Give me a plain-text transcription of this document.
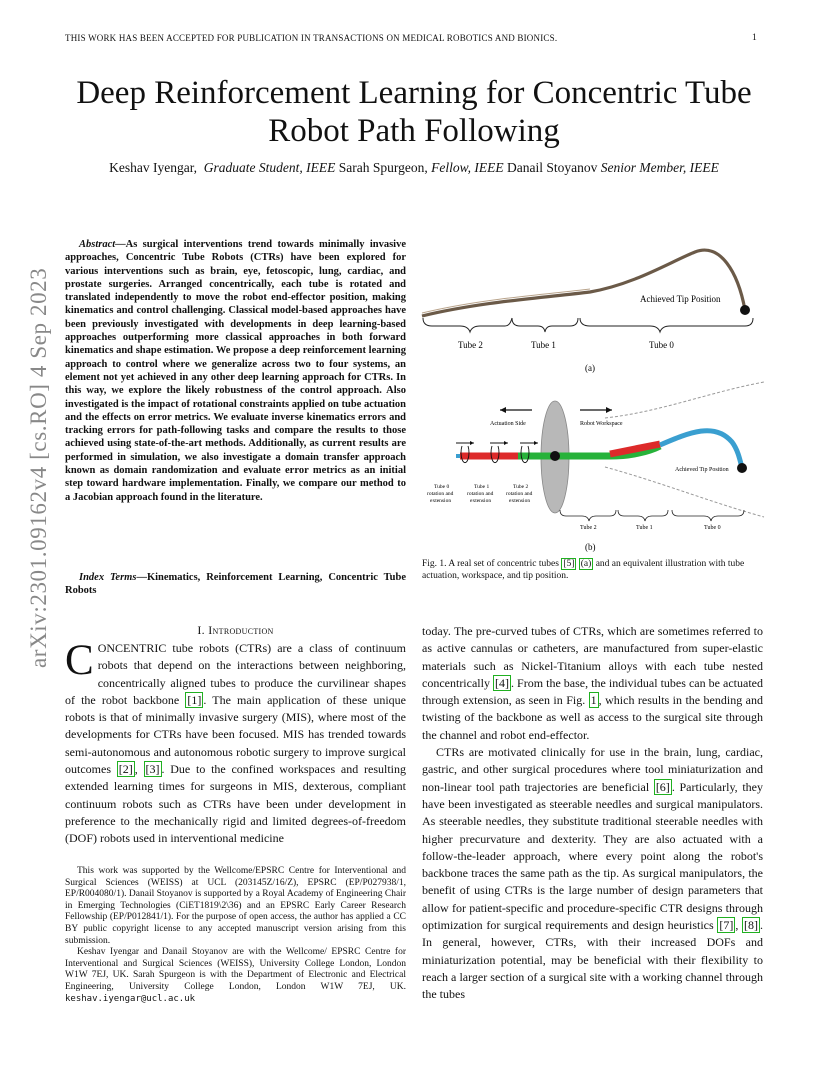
THIS WORK HAS BEEN ACCEPTED FOR PUBLICATION IN TRANSACTIONS ON MEDICAL ROBOTICS AND BIONICS.	1
Deep Reinforcement Learning for Concentric Tube Robot Path Following
Keshav Iyengar, Graduate Student, IEEE Sarah Spurgeon, Fellow, IEEE Danail Stoyanov Senior Member, IEEE
arXiv:2301.09162v4 [cs.RO] 4 Sep 2023

Abstract—As surgical interventions trend towards minimally invasive approaches, Concentric Tube Robots (CTRs) have been explored for various interventions such as brain, eye, fetoscopic, lung, cardiac, and prostate surgeries. Arranged concentrically, each tube is rotated and translated independently to move the robot end-effector position, making kinematics and control challenging. Classical model-based approaches have been previously investigated with developments in deep learning-based approaches outperforming more classical approaches in both forward kinematics and shape estimation. We propose a deep reinforcement learning approach to control where we generalize across two to four systems, an element not yet achieved in any other deep learning approach for CTRs. In this way, we explore the likely robustness of the control approach. Also investigated is the impact of rotational constraints applied on tube actuation and the effects on error metrics. We evaluate inverse kinematics errors and tracking errors for path-following tasks and compare the results to those achieved using state-of-the-art methods. Additionally, as current results are performed in simulation, we also investigate a domain transfer approach known as domain randomization and evaluate error metrics as an initial step toward hardware implementation. Finally, we compare our method to a Jacobian approach found in the literature.

Index Terms—Kinematics, Reinforcement Learning, Concentric Tube Robots
I. Introduction
CONCENTRIC tube robots (CTRs) are a class of continuum robots that depend on the interactions between neighboring, concentrically aligned tubes to produce the curvilinear shapes of the robot backbone [1] . The main application of these unique robots is that of minimally invasive surgery (MIS), where most of the developments for CTRs have been focused. MIS has trended towards semi-autonomous and autonomous robotic surgery to improve surgical outcomes [2] , [3] . Due to the confined workspaces and resulting extended learning times for surgeons in MIS, dexterous, compliant continuum robots such as CTRs have been under development in preference to the mechanically rigid and limited degrees-of-freedom (DOF) robots used in interventional medicine

This work was supported by the Wellcome/EPSRC Centre for Interventional and Surgical Sciences (WEISS) at UCL (203145Z/16/Z), EPSRC (EP/P027938/1, EP/R004080/1). Danail Stoyanov is supported by a Royal Academy of Engineering Chair in Emerging Technologies (CiET1819\2\36) and an EPSRC Early Career Research Fellowship (EP/P012841/1). For the purpose of open access, the author has applied a CC BY public copyright license to any accepted manuscript version arising from this submission.

Keshav Iyengar and Danail Stoyanov are with the Wellcome/ EPSRC Centre for Interventional and Surgical Sciences (WEISS), University College London, London W1W 7EJ, UK. Sarah Spurgeon is with the Department of Electronic and Electrical Engineering, University College London, London W1W 7EJ, UK. keshav.iyengar@ucl.ac.uk

Achieved Tip Position
Tube 2	Tube 1	Tube 0
(a)
Actuation Side	Robot Workspace
Achieved Tip Position
Tube 0
rotation and
extension
Tube 1
rotation and
extension
Tube 2
rotation and
extension
Tube 2	Tube 1	Tube 0
(b)
Fig. 1. A real set of concentric tubes [5] (a) and an equivalent illustration with tube actuation, workspace, and tip position.

today. The pre-curved tubes of CTRs, which are sometimes referred to as active cannulas or catheters, are manufactured from super-elastic materials such as Nickel-Titanium alloys with each tube nested concentrically [4] . From the base, the individual tubes can be actuated through extension, as seen in Fig. 1 , which results in the bending and twisting of the backbone as well as access to the surgical site through the channel and robot end-effector.

CTRs are motivated clinically for use in the brain, lung, cardiac, gastric, and other surgical procedures where tool miniaturization and non-linear tool path trajectories are beneficial [6] . Particularly, they have been investigated as steerable needles and surgical manipulators. As steerable needles, they substitute traditional steerable needles with higher precurvature and dexterity. They are also actuated with a follow-the-leader approach, where every point along the robot's backbone traces the same path as the tip. As surgical manipulators, the benefit of using CTRs is the large number of design parameters that allow for patient-specific and procedure-specific CTR designs through optimization for surgical requirements and design heuristics [7] , [8] . In general, however, CTRs, with their increased DOFs and miniaturization potential, may be beneficial with their flexibility to reach a larger section of a surgical site with a working channel through the tubes
